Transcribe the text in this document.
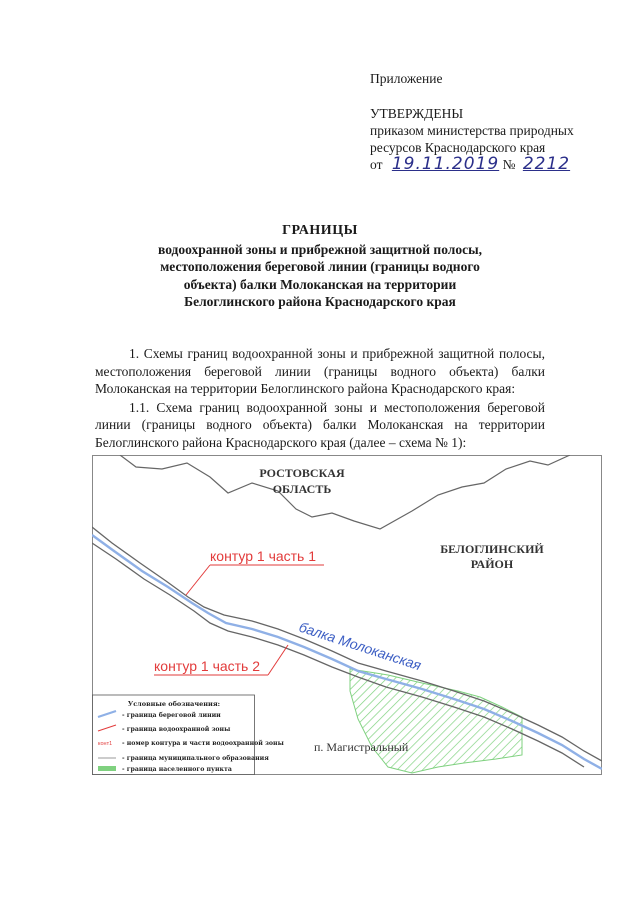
Приложение
УТВЕРЖДЕНЫ
приказом министерства природных
ресурсов Краснодарского края
от 19.11.2019 № 2212
ГРАНИЦЫ
водоохранной зоны и прибрежной защитной полосы,
местоположения береговой линии (границы водного
объекта) балки Молоканская на территории
Белоглинского района Краснодарского края

1. Схемы границ водоохранной зоны и прибрежной защитной полосы, местоположения береговой линии (границы водного объекта) балки Молоканская на территории Белоглинского района Краснодарского края:

1.1. Схема границ водоохранной зоны и местоположения береговой линии (границы водного объекта) балки Молоканская на территории Белоглинского района Краснодарского края (далее – схема № 1):

РОСТОВСКАЯ
ОБЛАСТЬ
БЕЛОГЛИНСКИЙ
РАЙОН
контур 1 часть 1
контур 1 часть 2	балка Молоканская
п. Магистральный
Условные обозначения:
- граница береговой линии
- граница водоохранной зоны
конт1 - номер контура и части водоохранной зоны
- граница муниципального образования
- граница населенного пункта
